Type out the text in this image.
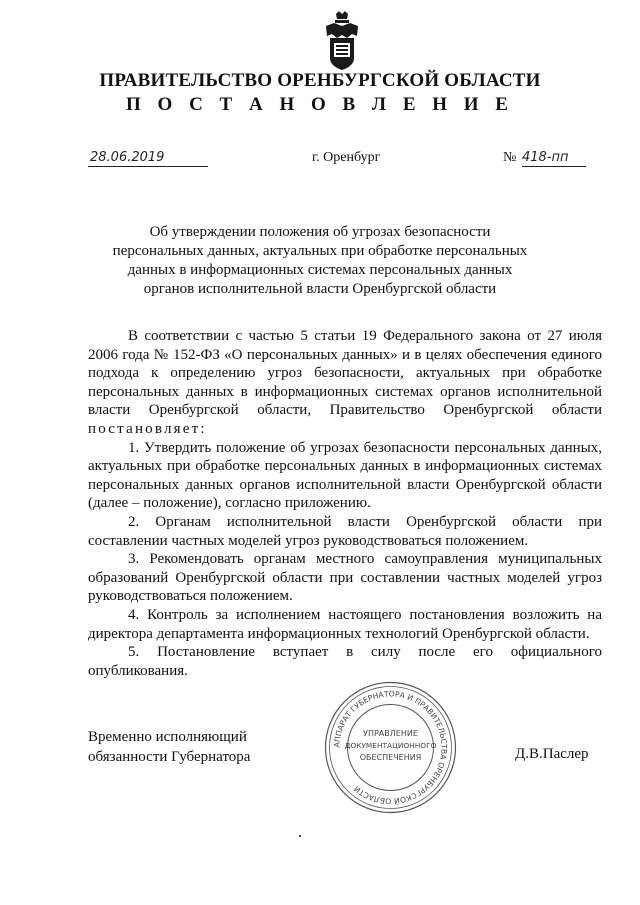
ПРАВИТЕЛЬСТВО ОРЕНБУРГСКОЙ ОБЛАСТИ
П О С Т А Н О В Л Е Н И Е
28.06.2019	г. Оренбург	№ 418-пп
Об утверждении положения об угрозах безопасности
персональных данных, актуальных при обработке персональных
данных в информационных системах персональных данных
органов исполнительной власти Оренбургской области

В соответствии с частью 5 статьи 19 Федерального закона от 27 июля 2006 года № 152-ФЗ «О персональных данных» и в целях обеспечения единого подхода к определению угроз безопасности, актуальных при обработке персональных данных в информационных системах органов исполнительной власти Оренбургской области, Правительство Оренбургской области постановляет:

1. Утвердить положение об угрозах безопасности персональных данных, актуальных при обработке персональных данных в информационных системах персональных данных органов исполнительной власти Оренбургской области (далее – положение), согласно приложению.

2. Органам исполнительной власти Оренбургской области при составлении частных моделей угроз руководствоваться положением.

3. Рекомендовать органам местного самоуправления муниципальных образований Оренбургской области при составлении частных моделей угроз руководствоваться положением.

4. Контроль за исполнением настоящего постановления возложить на директора департамента информационных технологий Оренбургской области.

5. Постановление вступает в силу после его официального опубликования.

Временно исполняющий
обязанности Губернатора	Д.В.Паслер
АППАРАТ ГУБЕРНАТОРА И ПРАВИТЕЛЬСТВА ОРЕНБУРГСКОЙ ОБЛАСТИ
УПРАВЛЕНИЕ
ДОКУМЕНТАЦИОННОГО
ОБЕСПЕЧЕНИЯ
